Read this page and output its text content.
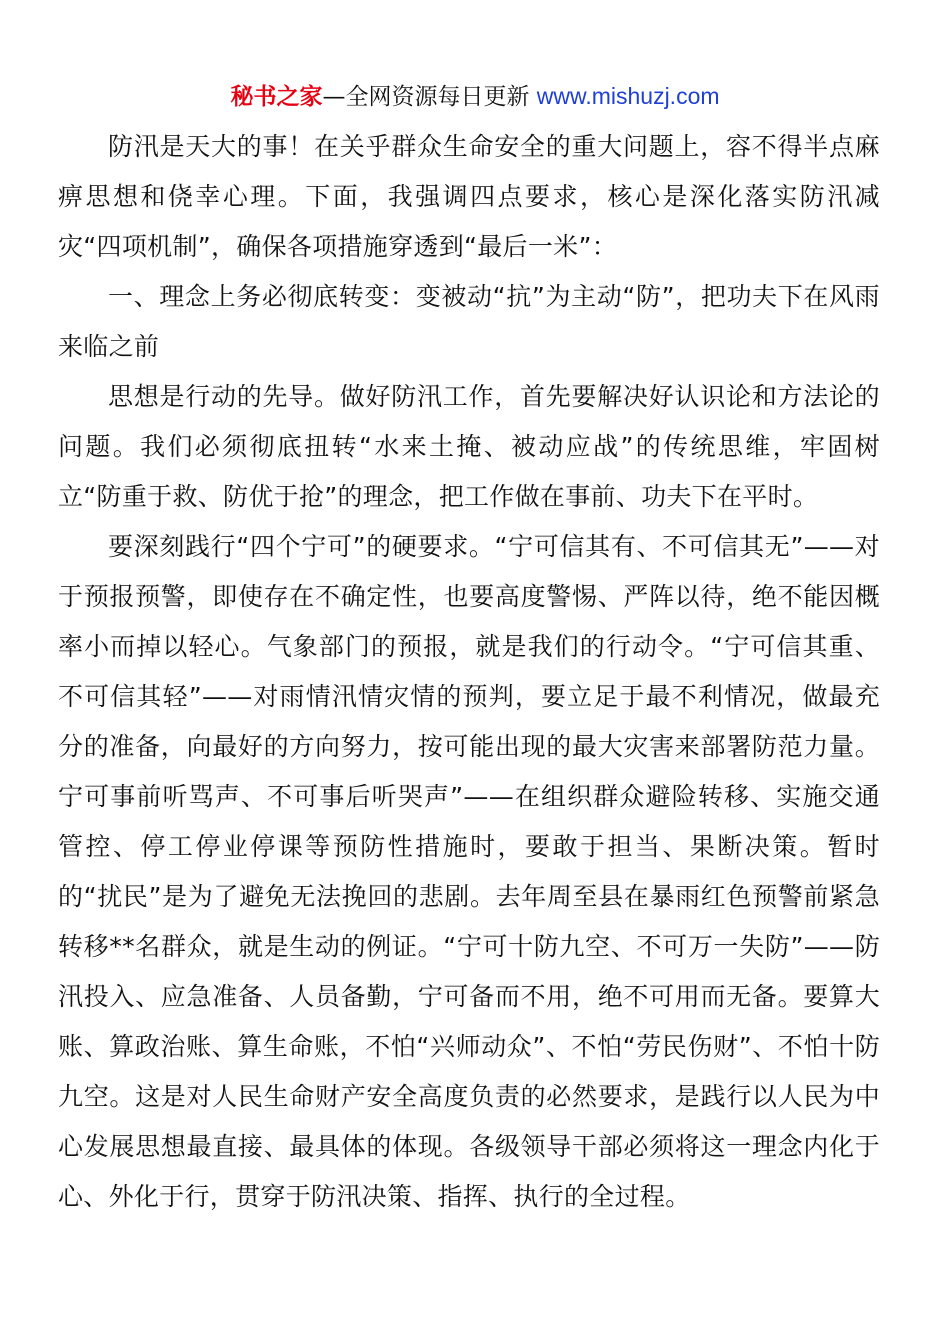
秘书之家—全网资源每日更新 www.mishuzj.com

防汛是天大的事！在关乎群众生命安全的重大问题上，容不得半点麻痹思想和侥幸心理。下面，我强调四点要求，核心是深化落实防汛减灾“四项机制”，确保各项措施穿透到“最后一米”：

一、理念上务必彻底转变：变被动“抗”为主动“防”，把功夫下在风雨来临之前

思想是行动的先导。做好防汛工作，首先要解决好认识论和方法论的问题。我们必须彻底扭转“水来土掩、被动应战”的传统思维，牢固树立“防重于救、防优于抢”的理念，把工作做在事前、功夫下在平时。

要深刻践行“四个宁可”的硬要求。“宁可信其有、不可信其无”——对于预报预警，即使存在不确定性，也要高度警惕、严阵以待，绝不能因概率小而掉以轻心。气象部门的预报，就是我们的行动令。“宁可信其重、不可信其轻”——对雨情汛情灾情的预判，要立足于最不利情况，做最充分的准备，向最好的方向努力，按可能出现的最大灾害来部署防范力量。宁可事前听骂声、不可事后听哭声”——在组织群众避险转移、实施交通管控、停工停业停课等预防性措施时，要敢于担当、果断决策。暂时的“扰民”是为了避免无法挽回的悲剧。去年周至县在暴雨红色预警前紧急转移**名群众，就是生动的例证。“宁可十防九空、不可万一失防”——防汛投入、应急准备、人员备勤，宁可备而不用，绝不可用而无备。要算大账、算政治账、算生命账，不怕“兴师动众”、不怕“劳民伤财”、不怕十防九空。这是对人民生命财产安全高度负责的必然要求，是践行以人民为中心发展思想最直接、最具体的体现。各级领导干部必须将这一理念内化于心、外化于行，贯穿于防汛决策、指挥、执行的全过程。
